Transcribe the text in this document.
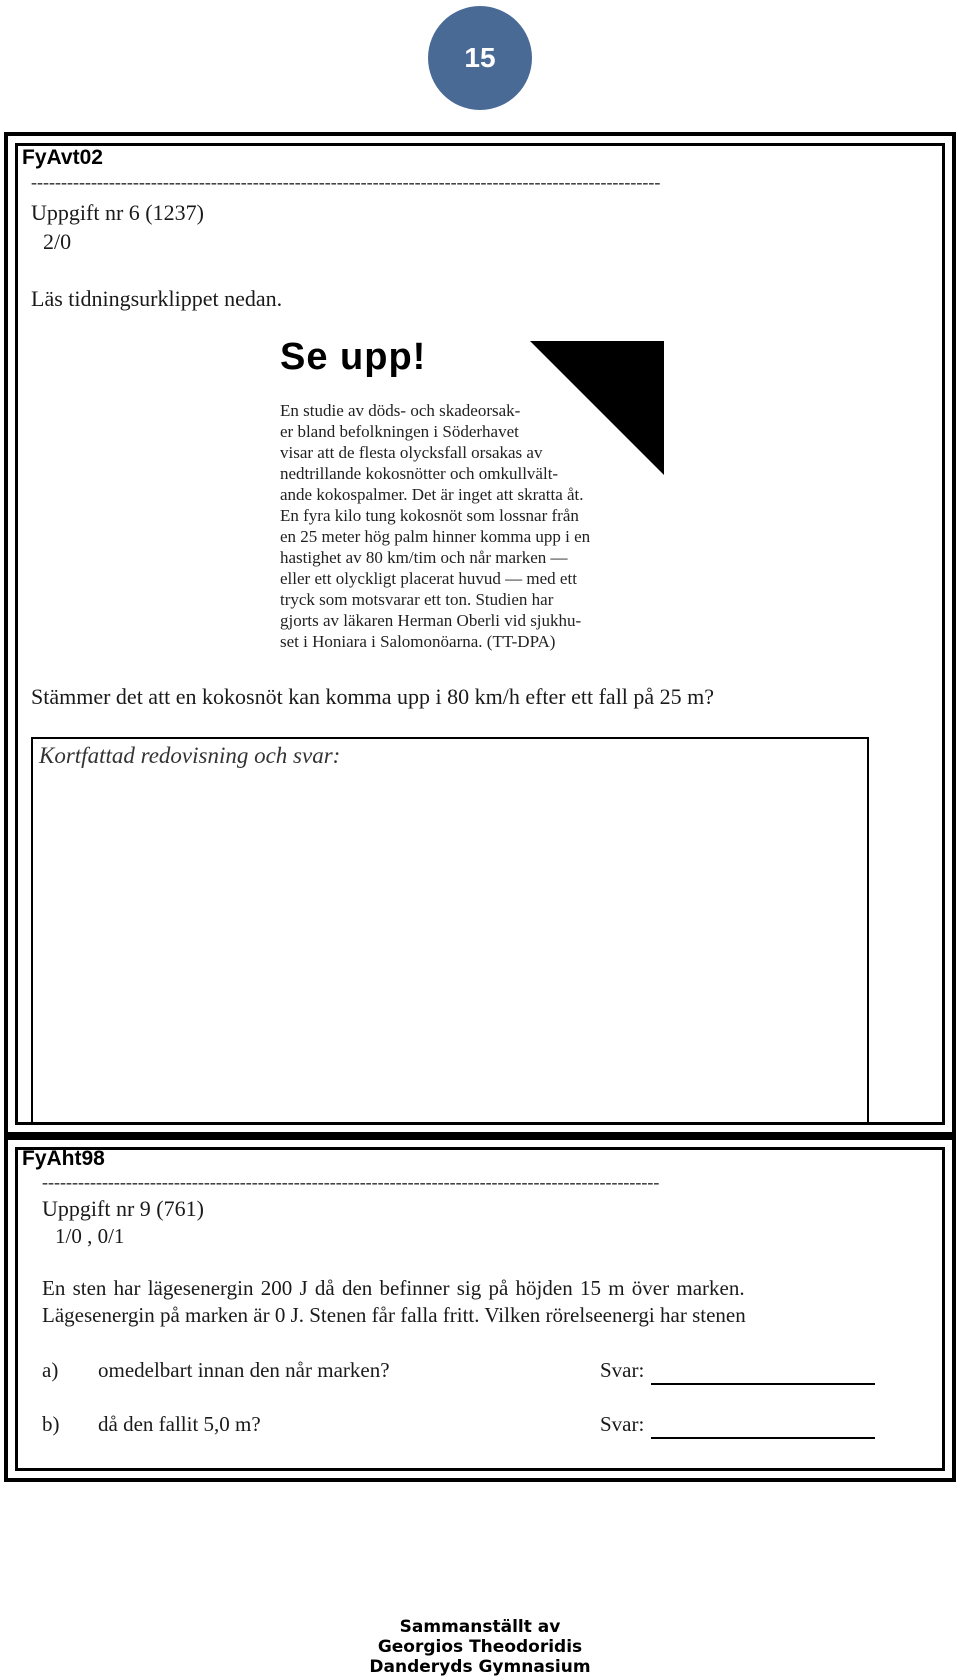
15
FyAvt02
---------------------------------------------------------------------------------------------------------
Uppgift nr 6 (1237)
2/0
Läs tidningsurklippet nedan.
Se upp!
En studie av döds- och skadeorsak-
er bland befolkningen i Söderhavet
visar att de flesta olycksfall orsakas av
nedtrillande kokosnötter och omkullvält-
ande kokospalmer. Det är inget att skratta åt.
En fyra kilo tung kokosnöt som lossnar från
en 25 meter hög palm hinner komma upp i en
hastighet av 80 km/tim och når marken —
eller ett olyckligt placerat huvud — med ett
tryck som motsvarar ett ton. Studien har
gjorts av läkaren Herman Oberli vid sjukhu-
set i Honiara i Salomonöarna. (TT-DPA)
Stämmer det att en kokosnöt kan komma upp i 80 km/h efter ett fall på 25 m?
Kortfattad redovisning och svar:
FyAht98
-------------------------------------------------------------------------------------------------------
Uppgift nr 9 (761)
1/0 , 0/1
En sten har lägesenergin 200 J då den befinner sig på höjden 15 m över marken.
Lägesenergin på marken är 0 J. Stenen får falla fritt. Vilken rörelseenergi har stenen
a) omedelbart innan den når marken?	Svar:
b) då den fallit 5,0 m?	Svar:
Sammanställt av
Georgios Theodoridis
Danderyds Gymnasium
